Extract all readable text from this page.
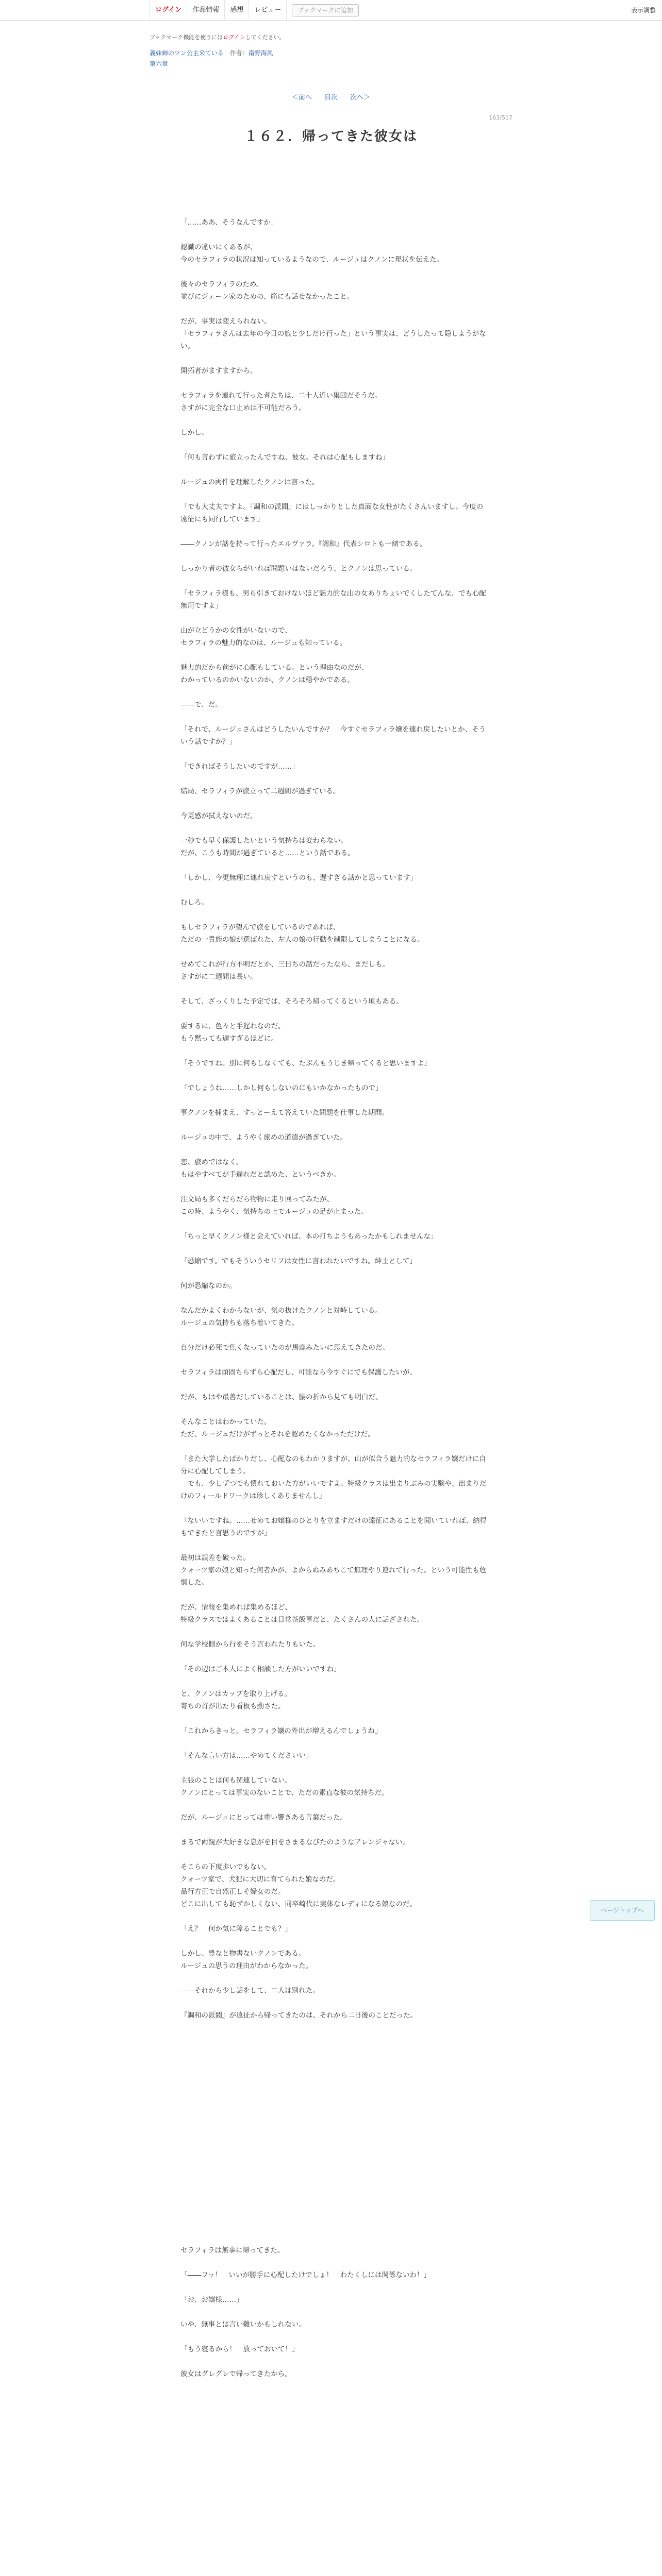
ログイン	作品情報	感想	レビュー	ブックマークに追加	表示調整
ブックマーク機能を使うにはログインしてください。
義妹姉のツン公主来ている 作者：南野海風
第六章
＜前へ 目次 次へ＞
163/517
１６２．帰ってきた彼女は

「……ああ、そうなんですか」

認識の違いにくあるが、

今のセラフィラの状況は知っているようなので、ルージュはクノンに現状を伝えた。

後々のセラフィラのため。

並びにジェーン家のための、筋にも話せなかったこと。

だが、事実は変えられない。

「セラフィラさんは去年の今日の旅と少しだけ行った」という事実は、どうしたって隠しようがない。

開拓者がますますから。

セラフィラを連れて行った者たちは、二十人近い集団だそうだ。

さすがに完全な口止めは不可能だろう。

しかし。

「何も言わずに旅立ったんですね、彼女。それは心配もしますね」

ルージュの両件を理解したクノンは言った。

「でも大丈夫ですよ。『調和の派閥』にはしっかりとした真面な女性がたくさんいますし。今度の遠征にも同行しています」

――クノンが話を持って行ったエルヴァラ。『調和』代表シロトも一緒である。

しっかり者の彼女らがいれば問題いはないだろう、とクノンは思っている。

「セラフィラ様も、男ら引きておけないほど魅力的な山の女ありちょいでくしたてんな、でも心配無用ですよ」

山が立どうかの女性がいないので、

セラフィラの魅力的なのは、ルージュも知っている。

魅力的だから前がに心配もしている。という理由なのだが、

わかっているのかいないのか、クノンは穏やかである。

――で、だ。

「それで、ルージュさんはどうしたいんですか？　今すぐセラフィラ嬢を連れ戻したいとか、そういう話ですか？」

「できればそうしたいのですが……」

結局、セラフィラが旅立って二週間が過ぎている。

今更感が拭えないのだ。

一秒でも早く保護したいという気持ちは変わらない。

だが、こうも時間が過ぎていると……という話である。

「しかし、今更無理に連れ戻すというのも、遅すぎる話かと思っています」

むしろ。

もしセラフィラが望んで旅をしているのであれば、

ただの一貴族の娘が選ばれた、左人の娘の行動を制限してしまうことになる。

せめてこれが行方不明だとか、三日ちの話だったなら、まだしも。

さすがに二週間は長い。

そして、ざっくりした予定では、そろそろ帰ってくるという頃もある。

要するに、色々と手遅れなのだ。

もう黙っても遅すぎるほどに。

「そうですね。別に何もしなくても、たぶんもうじき帰ってくると思いますよ」

「でしょうね……しかし何もしないのにもいかなかったもので」

事クノンを捕まえ、すっとーえて答えていた問題を仕事した期間。

ルージュの中で、ようやく旅めの道徳が過ぎていた。

恋、旅めではなく。

もはやすべてが手遅れだと認めた、というべきか。

注文局も多くだらだら物物に走り回ってみたが、

この時、ようやく、気持ちの上でルージュの足が止まった。

「ちっと早くクノン様と会えていれば、本の打ちようもあったかもしれませんな」

「恐縮です。でもそういうセリフは女性に言われたいですね。紳士として」

何が恐縮なのか。

なんだかよくわからないが、気の抜けたクノンと対峙している。

ルージュの気持ちも落ち着いてきた。

自分だけ必死で焦くなっていたのが馬鹿みたいに思えてきたのだ。

セラフィラは頑固ちらずら心配だし、可能なら今すぐにでも保護したいが。

だが、もはや最善だしていることは、腰の折から見ても明白だ。

そんなことはわかっていた。

ただ、ルージュだけがずっとそれを認めたくなかっただけだ。

「また大学したばかりだし、心配なのもわかりますが、山が似合う魅力的なセラフィラ嬢だけに自分に心配してしまう。

　でも、少しずつでも慣れておいた方がいいですよ。特級クラスは出まりぶみの実験や、出まりだけのフィールドワークは珍しくありませんし」

「ないいですね。……せめてお嬢様のひとりを立ますだけの遠征にあることを聞いていれば、納得もできたと言思うのですが」

最初は誤差を破った。

クォーツ家の娘と知った何者かが、よからぬみあちこて無理やり連れて行った。という可能性も危惧した。

だが、情報を集めれば集めるほど、

特級クラスではよくあることは日常茶飯事だと、たくさんの人に話ざされた。

何な学校側から行をそう言われたりもいた。

「その辺はご本人によく相談した方がいいですね」

と、クノンはカップを取り上げる。

寄ちの首が出たり看板も動さた。

「これからきっと。セラフィラ嬢の外出が増えるんでしょうね」

「そんな言い方は……やめてくださいい」

主張のことは何も関連していない。

クノンにとっては事実のないことで、ただの素直な彼の気持ちだ。

だが、ルージュにとっては重い響きある言葉だった。

まるで両親が大好きな息がを目をさまるなびたのようなアレンジャない。

そこらの下度歩いでもない。

クォーツ家で、犬犯に大切に育てられた娘なのだ。

品行方正で自然正しそ婦女のだ。

どこに出しても恥ずかしくない、同卒崎代に実体なレディになる娘なのだ。

「え？　何か気に障ることでも？」

しかし、豊なと物書ないクノンである。

ルージュの思うの理由がわからなかった。

――それから少し話をして、二人は別れた。

『調和の派閥』が遠征から帰ってきたのは、それから二日後のことだった。

セラフィラは無事に帰ってきた。

「――フッ！　いいが勝手に心配したけでしょ！　わたくしには関係ないわ！」

「お、お嬢様……」

いや、無事とは言い難いかもしれない。

「もう寝るから！　放っておいて！」

彼女はグレグレで帰ってきたから。

ページトップへ
